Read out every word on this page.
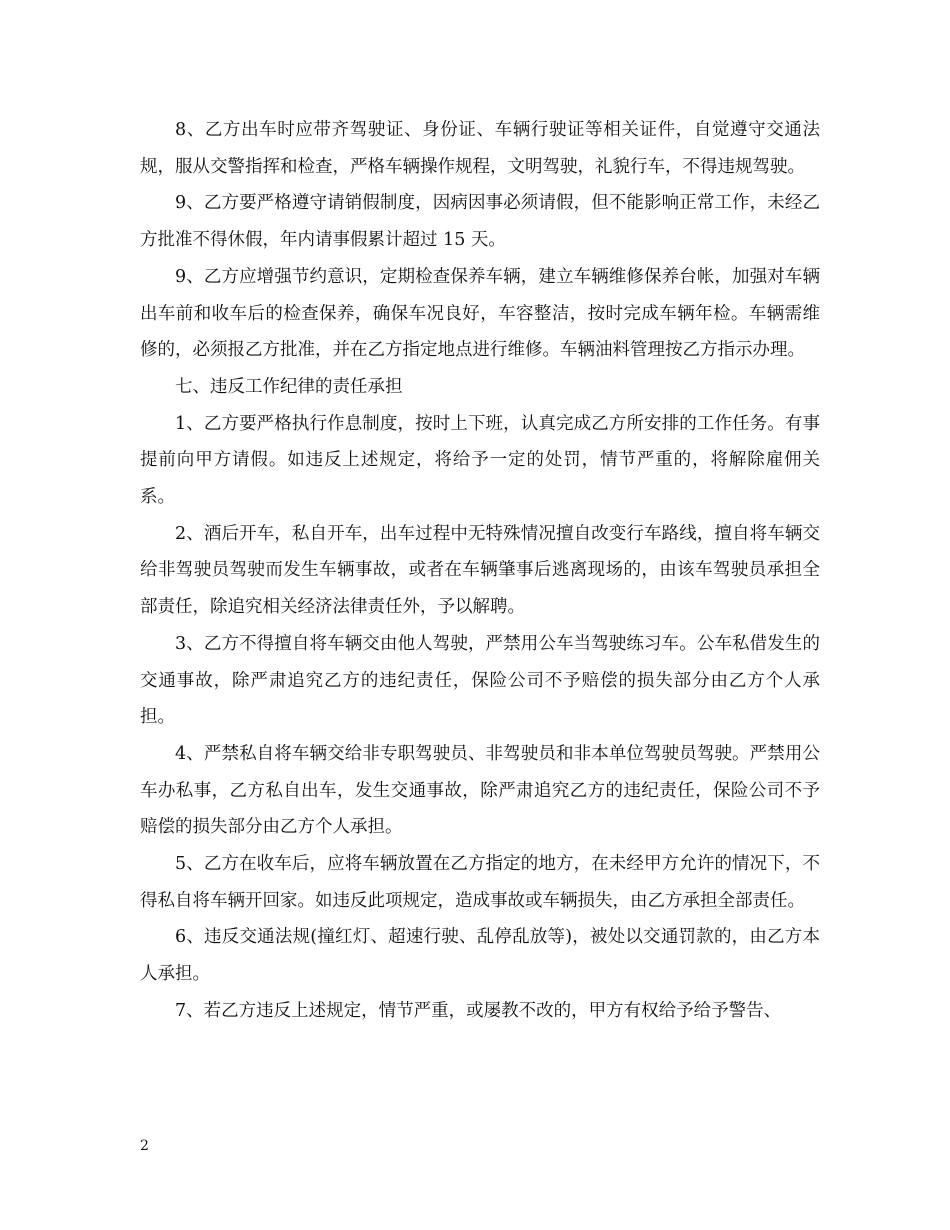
8、乙方出车时应带齐驾驶证、身份证、车辆行驶证等相关证件，自觉遵守交通法规，服从交警指挥和检查，严格车辆操作规程，文明驾驶，礼貌行车，不得违规驾驶。

9、乙方要严格遵守请销假制度，因病因事必须请假，但不能影响正常工作，未经乙方批准不得休假，年内请事假累计超过 15 天。

9、乙方应增强节约意识，定期检查保养车辆，建立车辆维修保养台帐，加强对车辆出车前和收车后的检查保养，确保车况良好，车容整洁，按时完成车辆年检。车辆需维修的，必须报乙方批准，并在乙方指定地点进行维修。车辆油料管理按乙方指示办理。

七、违反工作纪律的责任承担

1、乙方要严格执行作息制度，按时上下班，认真完成乙方所安排的工作任务。有事提前向甲方请假。如违反上述规定，将给予一定的处罚，情节严重的，将解除雇佣关系。

2、酒后开车，私自开车，出车过程中无特殊情况擅自改变行车路线，擅自将车辆交给非驾驶员驾驶而发生车辆事故，或者在车辆肇事后逃离现场的，由该车驾驶员承担全部责任，除追究相关经济法律责任外，予以解聘。

3、乙方不得擅自将车辆交由他人驾驶，严禁用公车当驾驶练习车。公车私借发生的交通事故，除严肃追究乙方的违纪责任，保险公司不予赔偿的损失部分由乙方个人承担。

4、严禁私自将车辆交给非专职驾驶员、非驾驶员和非本单位驾驶员驾驶。严禁用公车办私事，乙方私自出车，发生交通事故，除严肃追究乙方的违纪责任，保险公司不予赔偿的损失部分由乙方个人承担。

5、乙方在收车后，应将车辆放置在乙方指定的地方，在未经甲方允许的情况下，不得私自将车辆开回家。如违反此项规定，造成事故或车辆损失，由乙方承担全部责任。

6、违反交通法规(撞红灯、超速行驶、乱停乱放等)，被处以交通罚款的，由乙方本人承担。

7、若乙方违反上述规定，情节严重，或屡教不改的，甲方有权给予给予警告、

2
